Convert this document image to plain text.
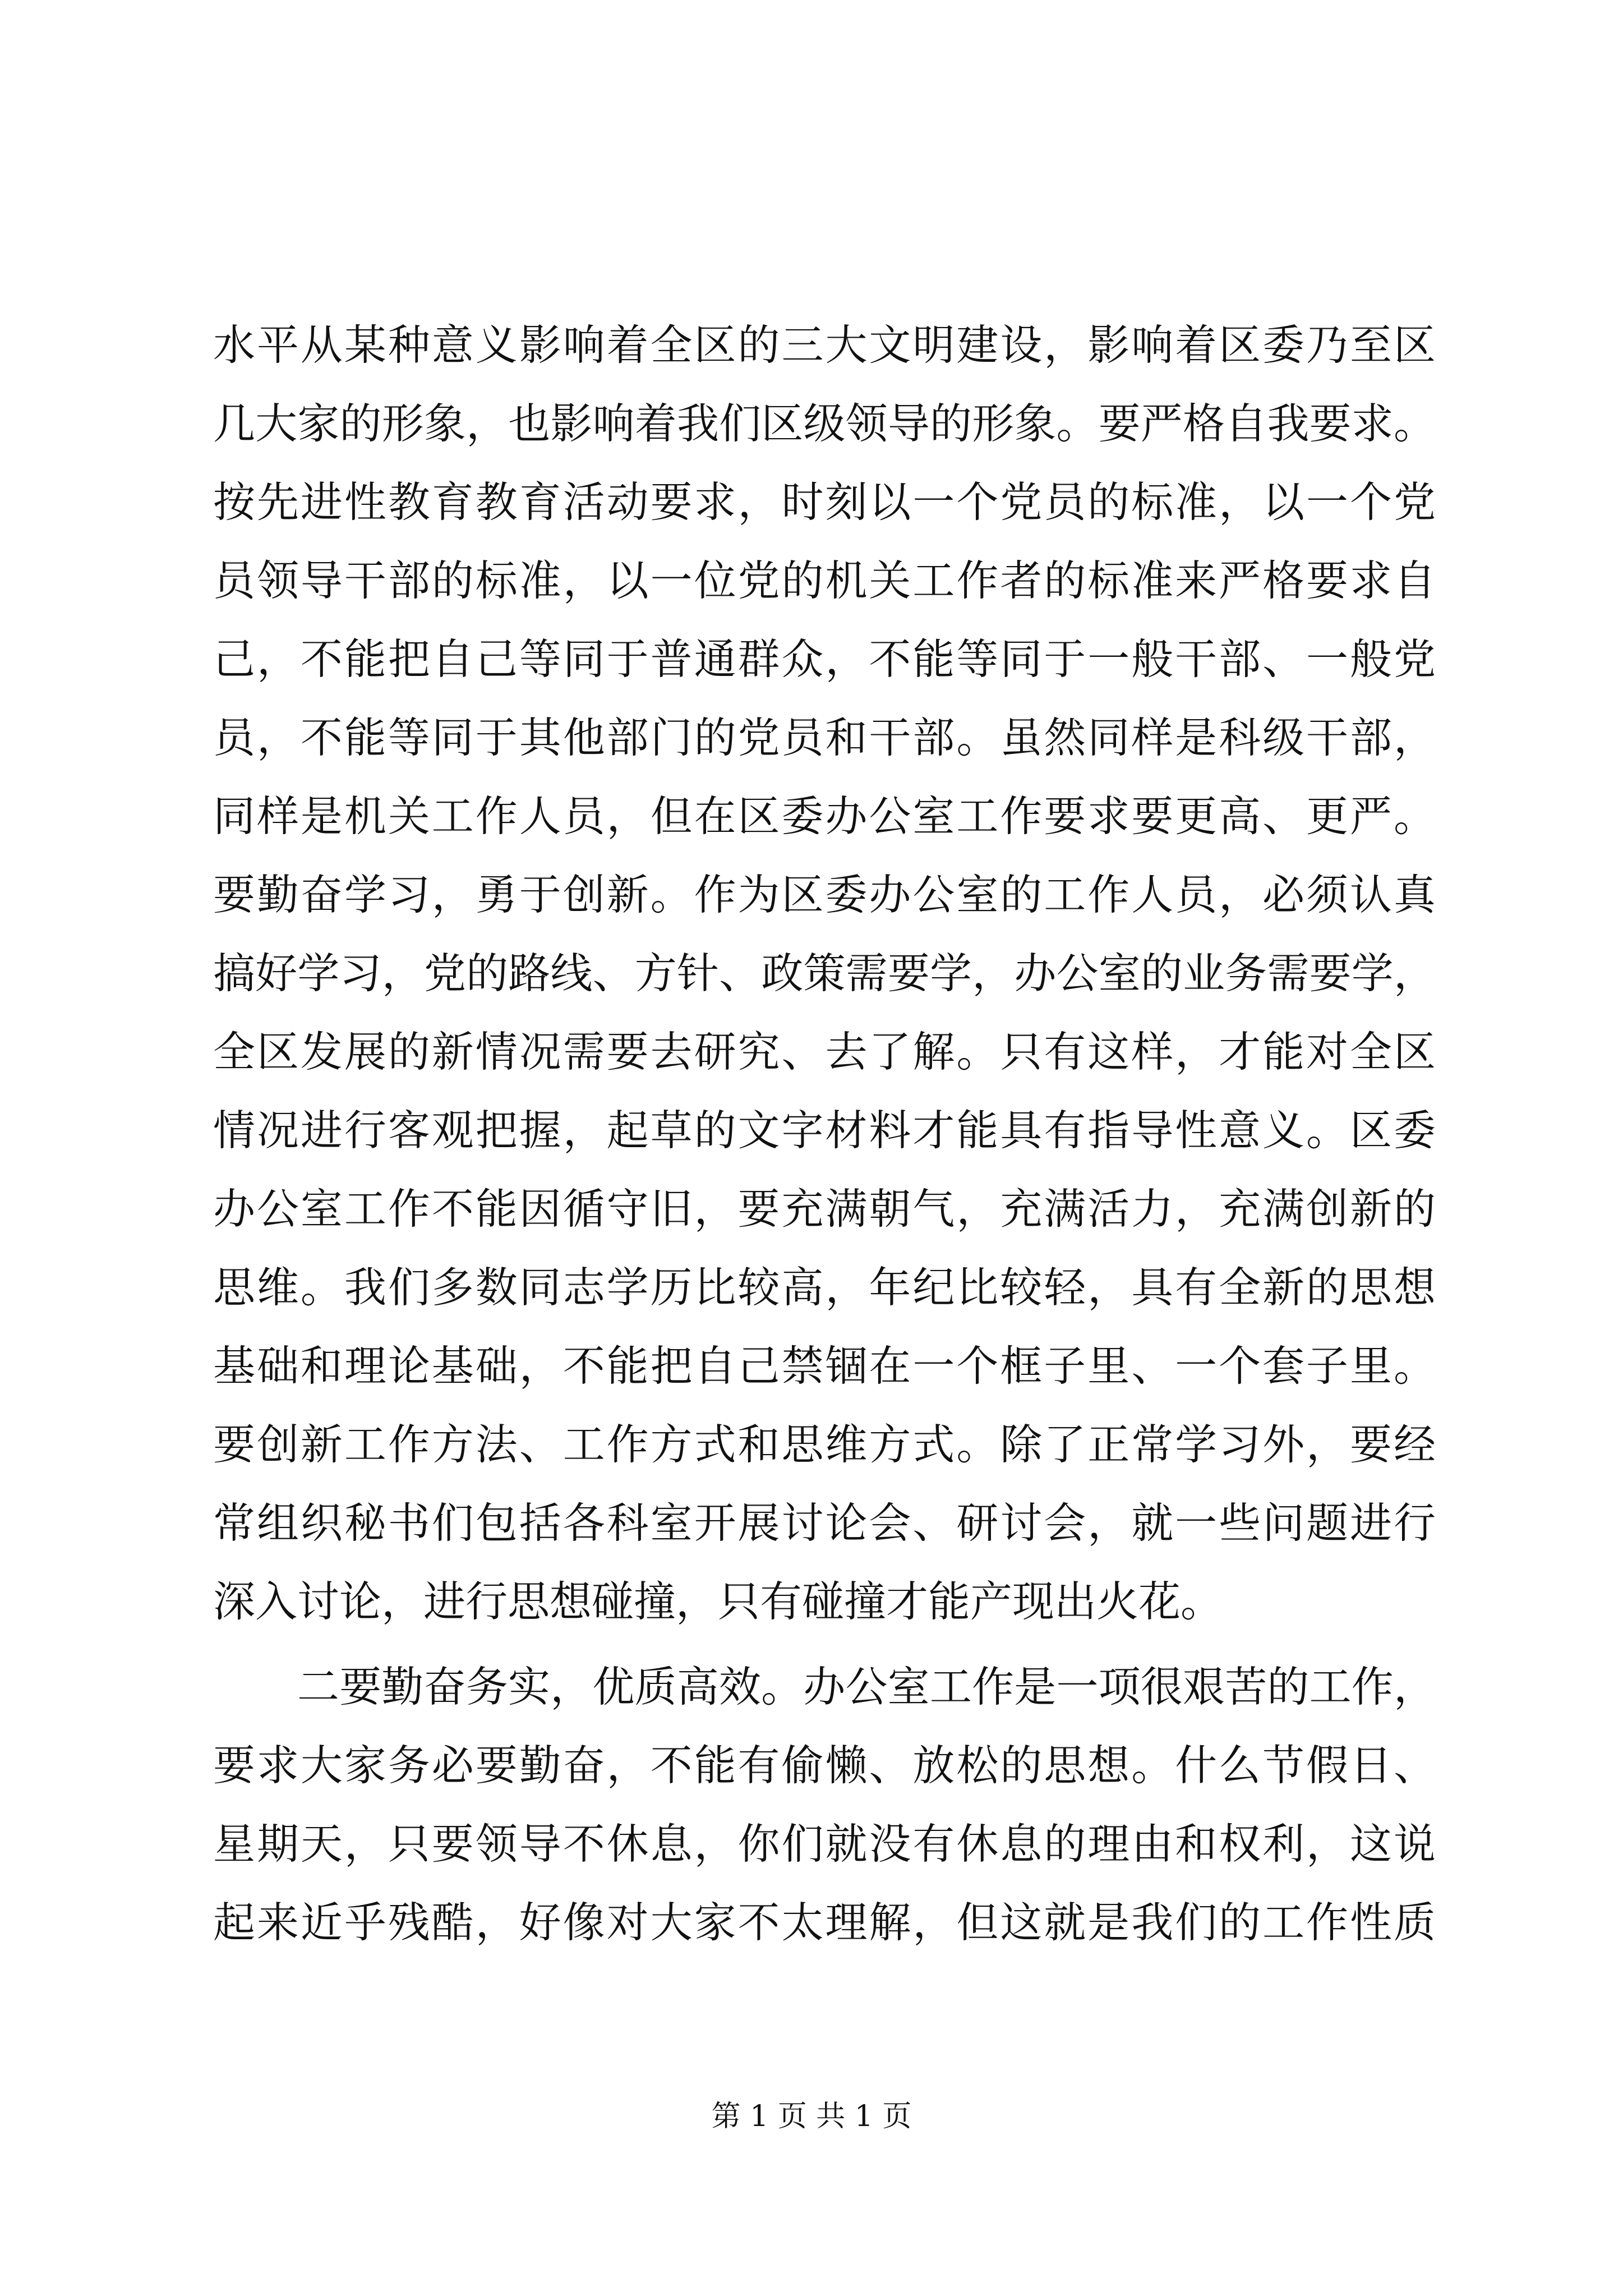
水平从某种意义影响着全区的三大文明建设，影响着区委乃至区
几大家的形象，也影响着我们区级领导的形象。要严格自我要求。
按先进性教育教育活动要求，时刻以一个党员的标准，以一个党
员领导干部的标准，以一位党的机关工作者的标准来严格要求自
己，不能把自己等同于普通群众，不能等同于一般干部、一般党
员，不能等同于其他部门的党员和干部。虽然同样是科级干部，
同样是机关工作人员，但在区委办公室工作要求要更高、更严。
要勤奋学习，勇于创新。作为区委办公室的工作人员，必须认真
搞好学习，党的路线、方针、政策需要学，办公室的业务需要学，
全区发展的新情况需要去研究、去了解。只有这样，才能对全区
情况进行客观把握，起草的文字材料才能具有指导性意义。区委
办公室工作不能因循守旧，要充满朝气，充满活力，充满创新的
思维。我们多数同志学历比较高，年纪比较轻，具有全新的思想
基础和理论基础，不能把自己禁锢在一个框子里、一个套子里。
要创新工作方法、工作方式和思维方式。除了正常学习外，要经
常组织秘书们包括各科室开展讨论会、研讨会，就一些问题进行
深入讨论，进行思想碰撞，只有碰撞才能产现出火花。
二要勤奋务实，优质高效。办公室工作是一项很艰苦的工作，
要求大家务必要勤奋，不能有偷懒、放松的思想。什么节假日、
星期天，只要领导不休息，你们就没有休息的理由和权利，这说
起来近乎残酷，好像对大家不太理解，但这就是我们的工作性质
第 1 页 共 1 页
